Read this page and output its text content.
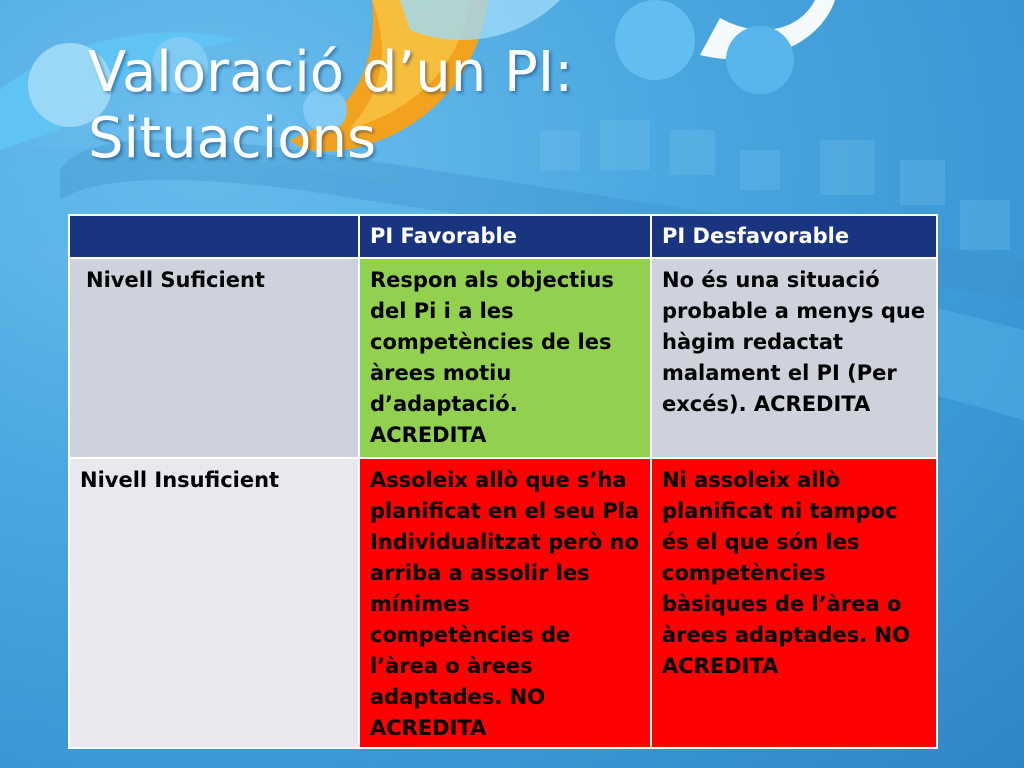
Valoració d’un PI:
Situacions
	PI Favorable	PI Desfavorable
Nivell Suficient	Respon als objectius del Pi i a les competències de les àrees motiu d’adaptació. ACREDITA	No és una situació probable a menys que hàgim redactat malament el PI (Per excés). ACREDITA
Nivell Insuficient	Assoleix allò que s’ha planificat en el seu Pla Individualitzat però no arriba a assolir les mínimes competències de l’àrea o àrees adaptades. NO ACREDITA	Ni assoleix allò planificat ni tampoc és el que són les competències bàsiques de l’àrea o àrees adaptades. NO ACREDITA
